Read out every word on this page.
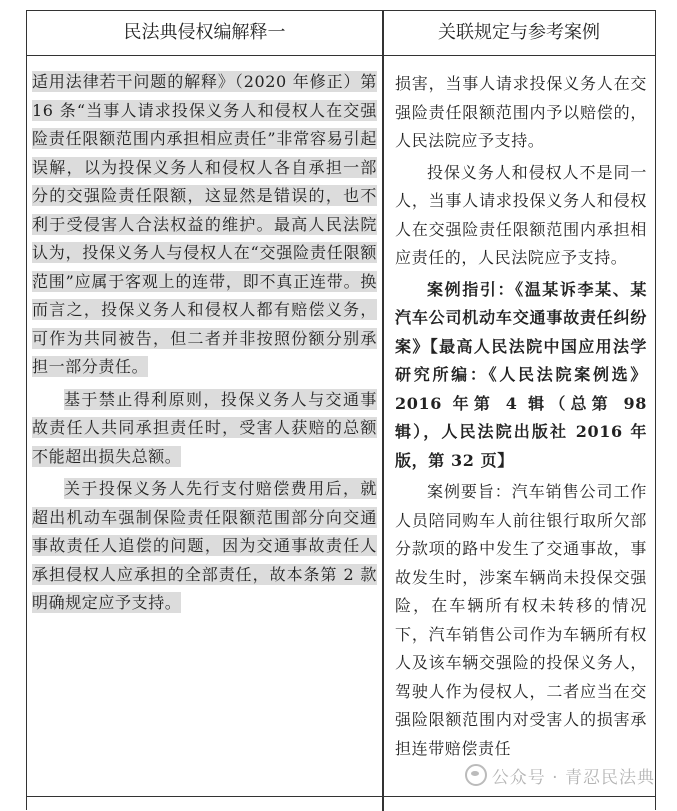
民法典侵权编解释一	关联规定与参考案例

适用法律若干问题的解释》（2020 年修正）第 16 条“当事人请求投保义务人和侵权人在交强险责任限额范围内承担相应责任”非常容易引起误解，以为投保义务人和侵权人各自承担一部分的交强险责任限额，这显然是错误的，也不利于受侵害人合法权益的维护。最高人民法院认为，投保义务人与侵权人在“交强险责任限额范围”应属于客观上的连带，即不真正连带。换而言之，投保义务人和侵权人都有赔偿义务，可作为共同被告，但二者并非按照份额分别承担一部分责任。

基于禁止得利原则，投保义务人与交通事故责任人共同承担责任时，受害人获赔的总额不能超出损失总额。

关于投保义务人先行支付赔偿费用后，就超出机动车强制保险责任限额范围部分向交通事故责任人追偿的问题，因为交通事故责任人承担侵权人应承担的全部责任，故本条第 2 款明确规定应予支持。

损害，当事人请求投保义务人在交强险责任限额范围内予以赔偿的，人民法院应予支持。

投保义务人和侵权人不是同一人，当事人请求投保义务人和侵权人在交强险责任限额范围内承担相应责任的，人民法院应予支持。

案例指引：《温某诉李某、某汽车公司机动车交通事故责任纠纷案》【最高人民法院中国应用法学研究所编：《人民法院案例选》2016 年第 4 辑（总第 98 辑），人民法院出版社 2016 年版，第 32 页】

案例要旨：汽车销售公司工作人员陪同购车人前往银行取所欠部分款项的路中发生了交通事故，事故发生时，涉案车辆尚未投保交强险，在车辆所有权未转移的情况下，汽车销售公司作为车辆所有权人及该车辆交强险的投保义务人，驾驶人作为侵权人，二者应当在交强险限额范围内对受害人的损害承担连带赔偿责任

公众号 · 青忍民法典
